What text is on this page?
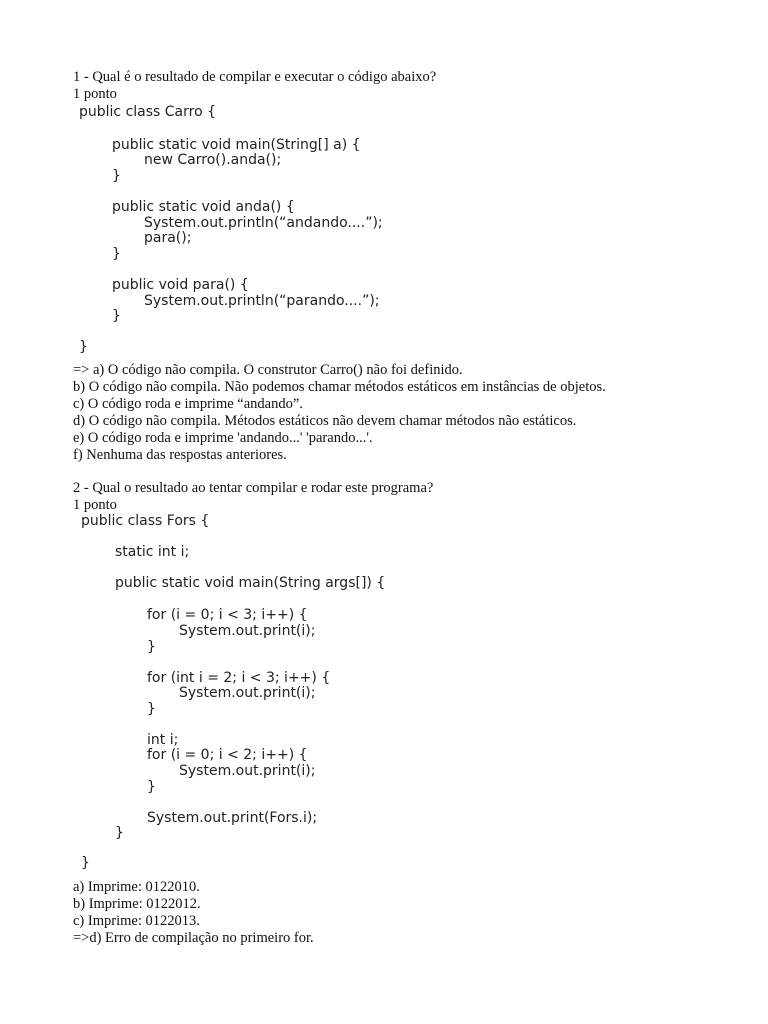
1 - Qual é o resultado de compilar e executar o código abaixo?
1 ponto

public class Carro {

public static void main(String[] a) {

new Carro().anda();

}

public static void anda() {

System.out.println(“andando....”);

para();

}

public void para() {

System.out.println(“parando....”);

}

}

=> a) O código não compila. O construtor Carro() não foi definido.
b) O código não compila. Não podemos chamar métodos estáticos em instâncias de objetos.
c) O código roda e imprime “andando”.
d) O código não compila. Métodos estáticos não devem chamar métodos não estáticos.
e) O código roda e imprime 'andando...' 'parando...'.
f) Nenhuma das respostas anteriores.
2 - Qual o resultado ao tentar compilar e rodar este programa?
1 ponto

public class Fors {

static int i;

public static void main(String args[]) {

for (i = 0; i < 3; i++) {

System.out.print(i);

}

for (int i = 2; i < 3; i++) {

System.out.print(i);

}

int i;

for (i = 0; i < 2; i++) {

System.out.print(i);

}

System.out.print(Fors.i);

}

}

a) Imprime: 0122010.
b) Imprime: 0122012.
c) Imprime: 0122013.
=>d) Erro de compilação no primeiro for.
